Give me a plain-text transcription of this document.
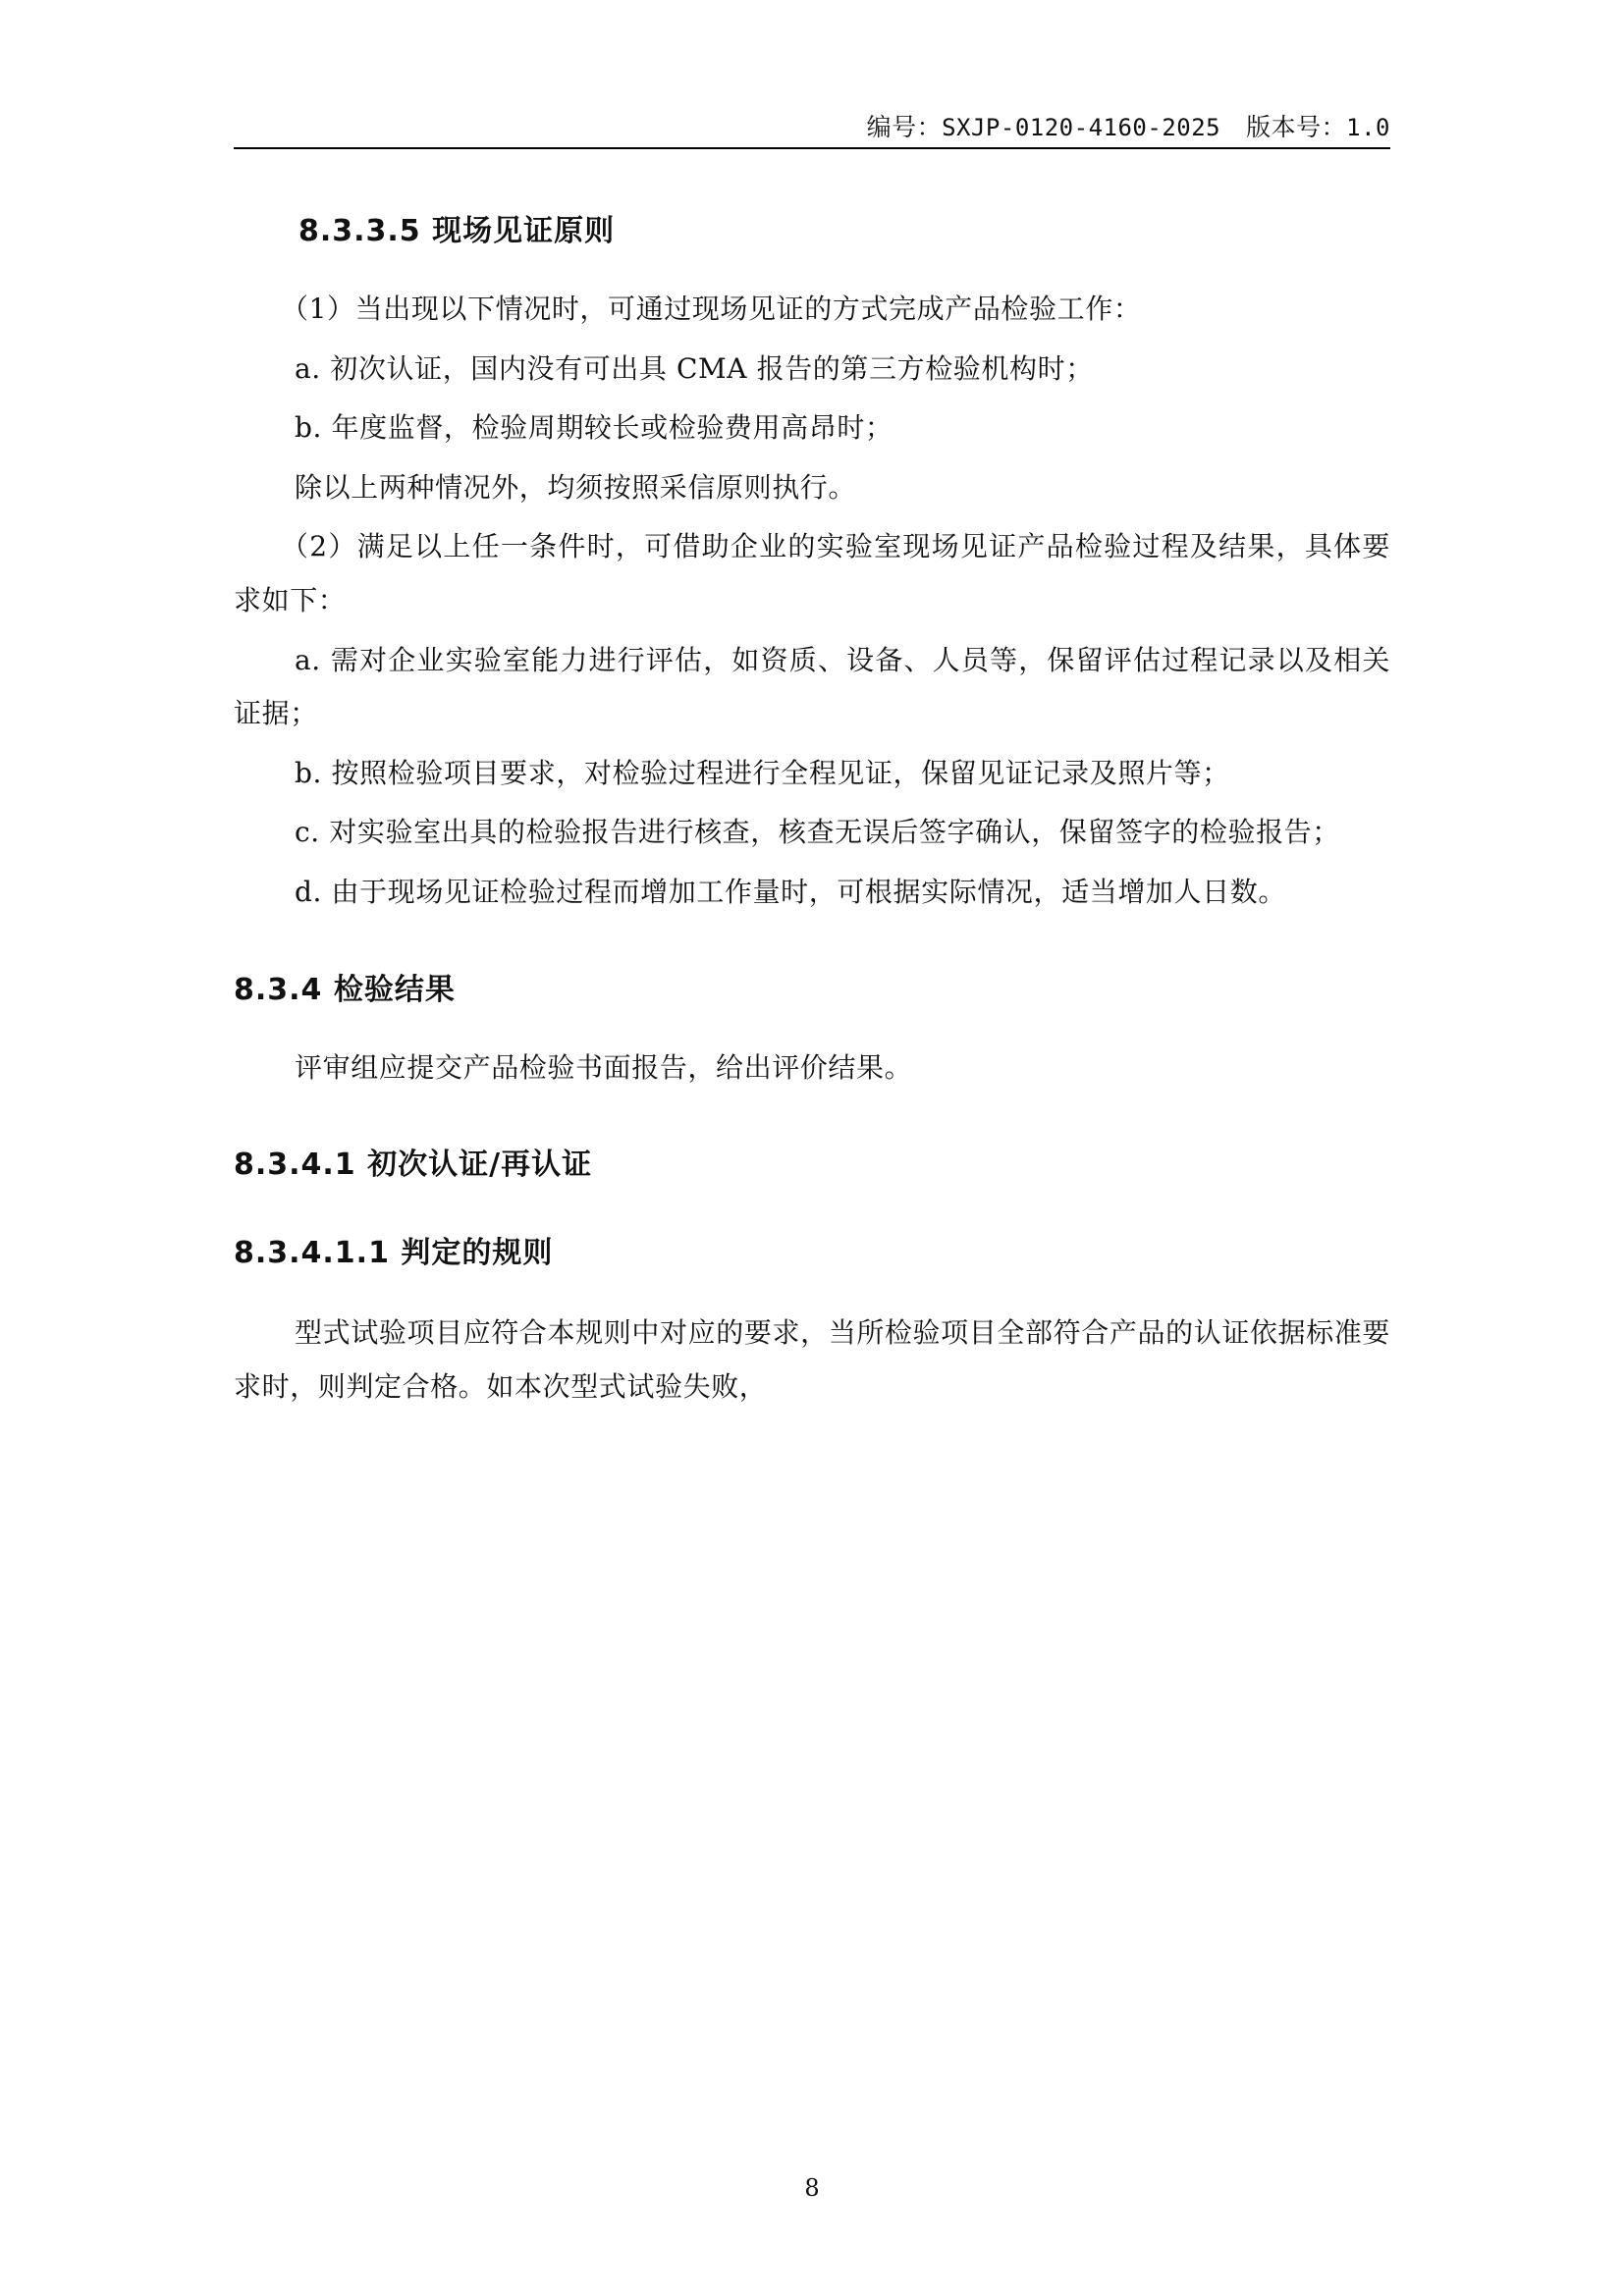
编号：SXJP-0120-4160-2025 版本号：1.0
8.3.3.5 现场见证原则

（1）当出现以下情况时，可通过现场见证的方式完成产品检验工作：

a. 初次认证，国内没有可出具 CMA 报告的第三方检验机构时；

b. 年度监督，检验周期较长或检验费用高昂时；

除以上两种情况外，均须按照采信原则执行。

（2）满足以上任一条件时，可借助企业的实验室现场见证产品检验过程及结果，具体要求如下：

a. 需对企业实验室能力进行评估，如资质、设备、人员等，保留评估过程记录以及相关证据；

b. 按照检验项目要求，对检验过程进行全程见证，保留见证记录及照片等；

c. 对实验室出具的检验报告进行核查，核查无误后签字确认，保留签字的检验报告；

d. 由于现场见证检验过程而增加工作量时，可根据实际情况，适当增加人日数。

8.3.4 检验结果

评审组应提交产品检验书面报告，给出评价结果。

8.3.4.1 初次认证/再认证
8.3.4.1.1 判定的规则

型式试验项目应符合本规则中对应的要求，当所检验项目全部符合产品的认证依据标准要求时，则判定合格。如本次型式试验失败，

8
